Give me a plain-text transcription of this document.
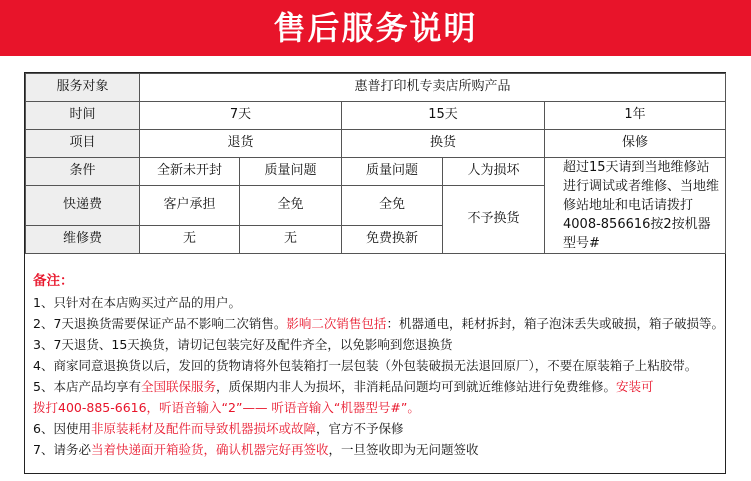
售后服务说明
服务对象	惠普打印机专卖店所购产品				
时间	7天		15天		1年
项目	退货		换货		保修
条件	全新未开封	质量问题	质量问题	人为损坏	超过15天请到当地维修站进行调试或者维修、当地维修站地址和电话请拨打4008-856616按2按机器型号#
快递费	客户承担	全免	全免	不予换货	
维修费	无	无	免费换新		
备注：
1、只针对在本店购买过产品的用户。
2、7天退换货需要保证产品不影响二次销售。影响二次销售包括：机器通电，耗材拆封，箱子泡沫丢失或破损，箱子破损等。
3、7天退货、15天换货，请切记包装完好及配件齐全，以免影响到您退换货
4、商家同意退换货以后，发回的货物请将外包装箱打一层包装（外包装破损无法退回原厂），不要在原装箱子上粘胶带。
5、本店产品均享有全国联保服务，质保期内非人为损坏，非消耗品问题均可到就近维修站进行免费维修。安装可
拨打400-885-6616，听语音输入“2”—— 听语音输入“机器型号#”。
6、因使用非原装耗材及配件而导致机器损坏或故障，官方不予保修
7、请务必当着快递面开箱验货，确认机器完好再签收，一旦签收即为无问题签收
